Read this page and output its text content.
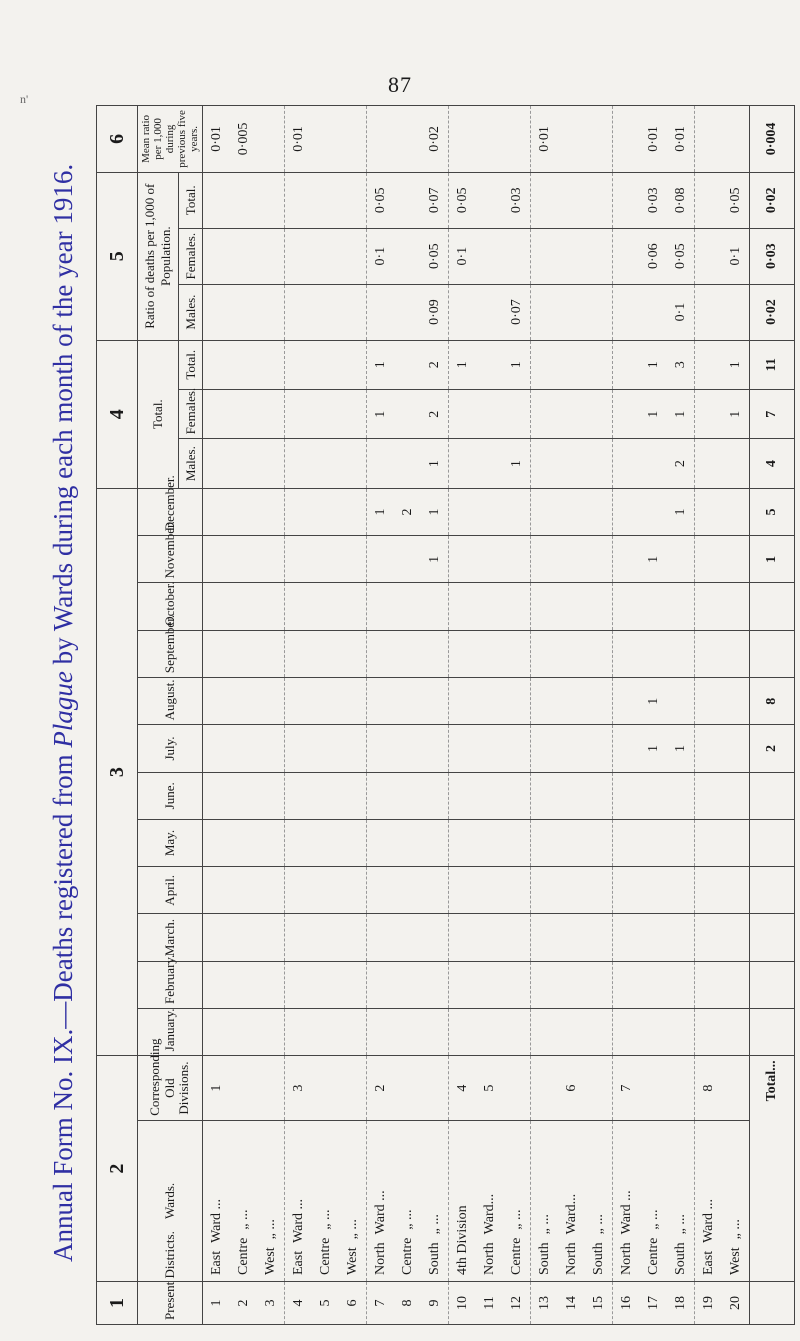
n'
87
Annual Form No. IX.—Deaths registered from Plague by Wards during each month of the year 1916.
1	2		3												4			5			6
Present Districts.	Wards.	Corresponding Old Divisions.	January.	February.	March.	April.	May.	June.	July.	August.	September.	October.	November.	December.	Total.			Ratio of deaths per 1,000 of Population.			Mean ratio per 1,000 during previous five years.
															Males.	Females.	Total.	Males.	Females.	Total.	
1	EastWard ...	1																			0·01
2	Centre„ ...																				0·005
3	West„ ...																				
4	EastWard ...	3																			0·01
5	Centre„ ...																				
6	West„ ...																				
7	NorthWard ...	2												1		1	1		0·1	0·05	
8	Centre„ ...													2							
9	South„ ...												1	1	1	2	2	0·09	0·05	0·07	0·02
10	4th Division	4															1		0·1	0·05	
11	NorthWard...	5																			
12	Centre„ ...														1		1	0·07		0·03	
13	South„ ...																				0·01
14	NorthWard...	6																			
15	South„ ...																				
16	NorthWard ...	7																			
17	Centre„ ...								1	1			1			1	1		0·06	0·03	0·01
18	South„ ...								1					1	2	1	3	0·1	0·05	0·08	0·01
19	EastWard ...	8																			
20	West„ ...															1	1		0·1	0·05	
	Total...								2	8			1	5	4	7	11	0·02	0·03	0·02	0·004
